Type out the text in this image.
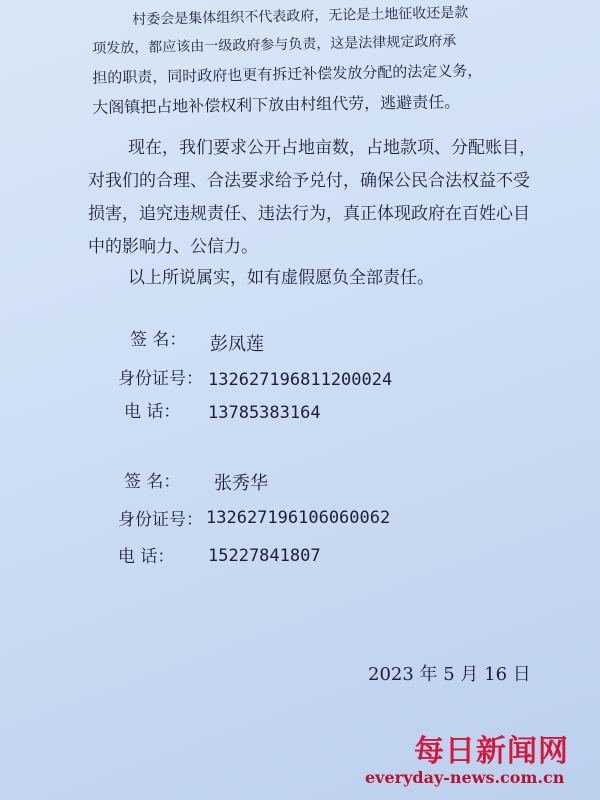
村委会是集体组织不代表政府，无论是土地征收还是款
项发放，都应该由一级政府参与负责，这是法律规定政府承
担的职责，同时政府也更有拆迁补偿发放分配的法定义务，
大阁镇把占地补偿权利下放由村组代劳，逃避责任。
现在，我们要求公开占地亩数，占地款项、分配账目，
对我们的合理、合法要求给予兑付，确保公民合法权益不受
损害，追究违规责任、违法行为，真正体现政府在百姓心目
中的影响力、公信力。
以上所说属实，如有虚假愿负全部责任。
签 名： 彭凤莲
身份证号： 132627196811200024
电 话： 13785383164
签 名： 张秀华
身份证号： 132627196106060062
电 话： 15227841807
2023 年 5 月 16 日
每日新闻网
everyday-news.com.cn
